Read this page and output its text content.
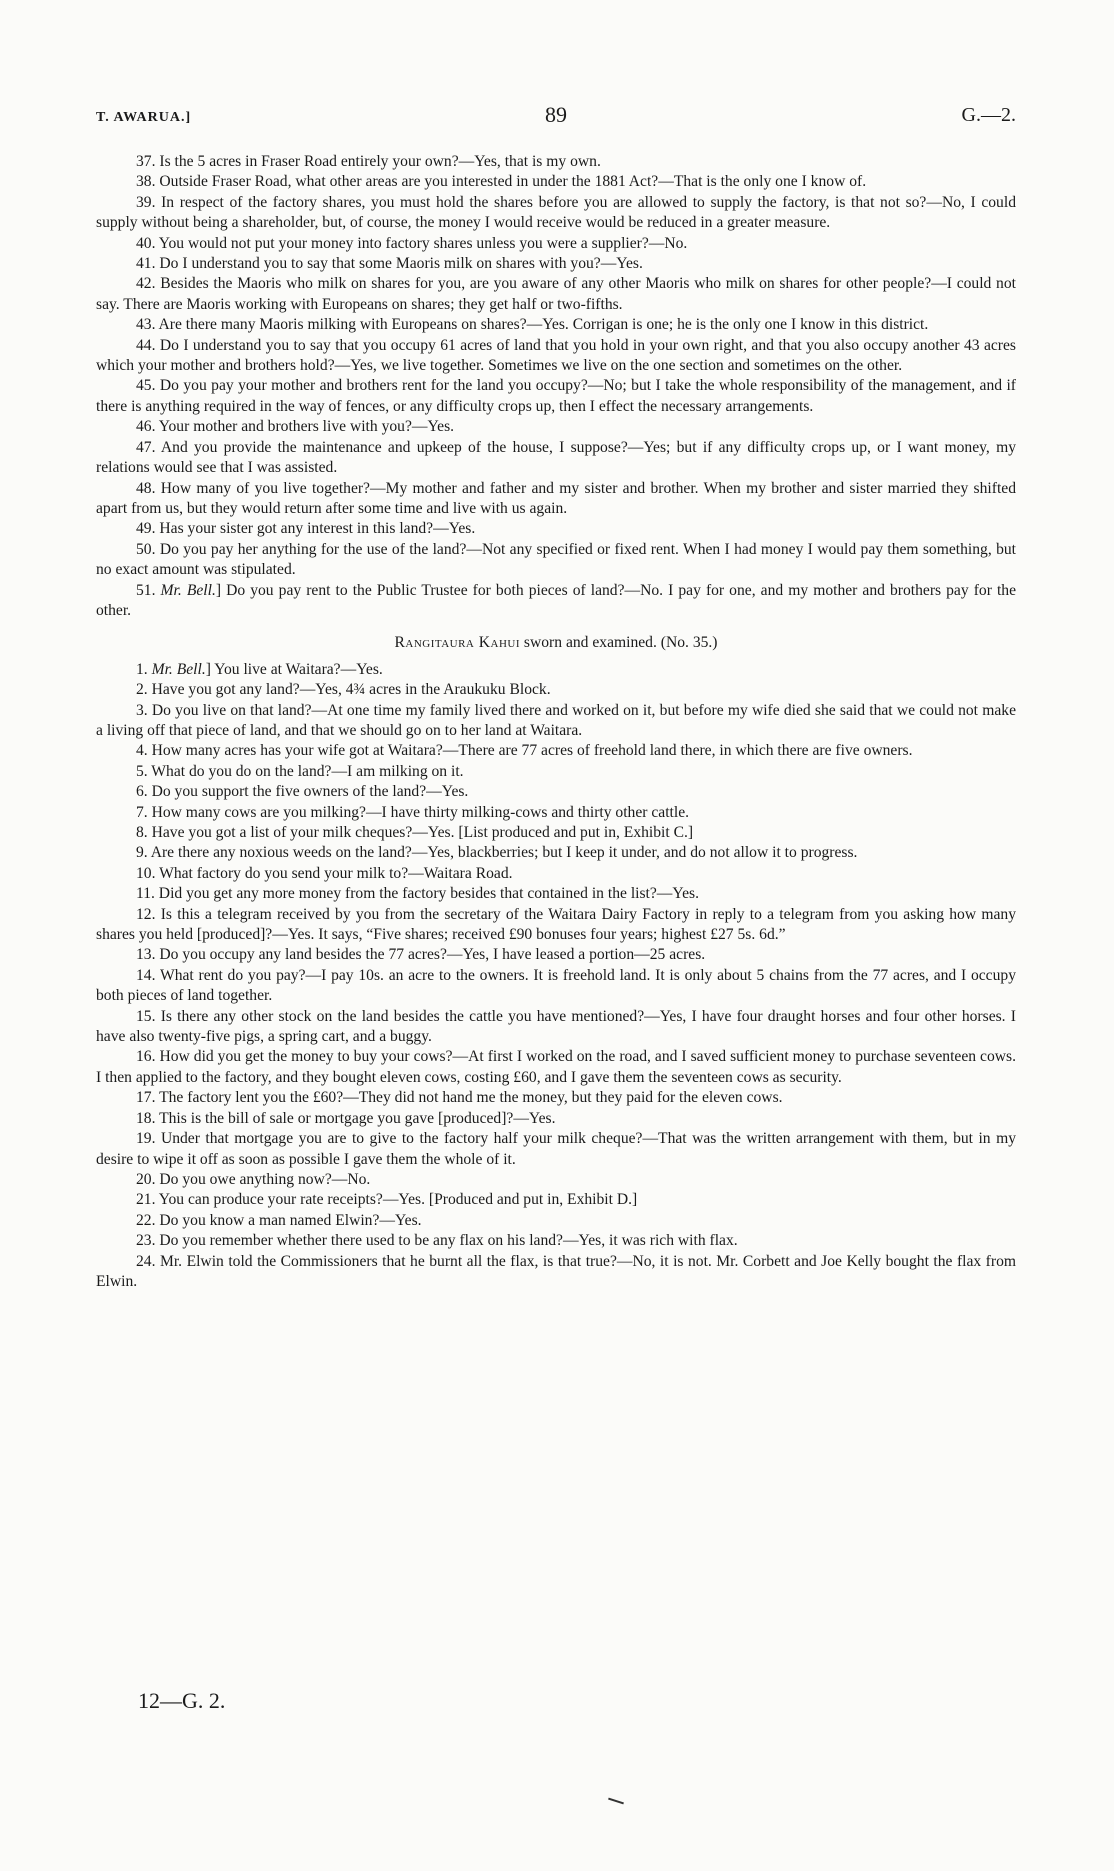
T. AWARUA.]	89	G.—2.

37. Is the 5 acres in Fraser Road entirely your own?—Yes, that is my own.

38. Outside Fraser Road, what other areas are you interested in under the 1881 Act?—That is the only one I know of.

39. In respect of the factory shares, you must hold the shares before you are allowed to supply the factory, is that not so?—No, I could supply without being a shareholder, but, of course, the money I would receive would be reduced in a greater measure.

40. You would not put your money into factory shares unless you were a supplier?—No.

41. Do I understand you to say that some Maoris milk on shares with you?—Yes.

42. Besides the Maoris who milk on shares for you, are you aware of any other Maoris who milk on shares for other people?—I could not say. There are Maoris working with Europeans on shares; they get half or two-fifths.

43. Are there many Maoris milking with Europeans on shares?—Yes. Corrigan is one; he is the only one I know in this district.

44. Do I understand you to say that you occupy 61 acres of land that you hold in your own right, and that you also occupy another 43 acres which your mother and brothers hold?—Yes, we live together. Sometimes we live on the one section and sometimes on the other.

45. Do you pay your mother and brothers rent for the land you occupy?—No; but I take the whole responsibility of the management, and if there is anything required in the way of fences, or any difficulty crops up, then I effect the necessary arrangements.

46. Your mother and brothers live with you?—Yes.

47. And you provide the maintenance and upkeep of the house, I suppose?—Yes; but if any difficulty crops up, or I want money, my relations would see that I was assisted.

48. How many of you live together?—My mother and father and my sister and brother. When my brother and sister married they shifted apart from us, but they would return after some time and live with us again.

49. Has your sister got any interest in this land?—Yes.

50. Do you pay her anything for the use of the land?—Not any specified or fixed rent. When I had money I would pay them something, but no exact amount was stipulated.

51. Mr. Bell.] Do you pay rent to the Public Trustee for both pieces of land?—No. I pay for one, and my mother and brothers pay for the other.

Rangitaura Kahui sworn and examined. (No. 35.)

1. Mr. Bell.] You live at Waitara?—Yes.

2. Have you got any land?—Yes, 4¾ acres in the Araukuku Block.

3. Do you live on that land?—At one time my family lived there and worked on it, but before my wife died she said that we could not make a living off that piece of land, and that we should go on to her land at Waitara.

4. How many acres has your wife got at Waitara?—There are 77 acres of freehold land there, in which there are five owners.

5. What do you do on the land?—I am milking on it.

6. Do you support the five owners of the land?—Yes.

7. How many cows are you milking?—I have thirty milking-cows and thirty other cattle.

8. Have you got a list of your milk cheques?—Yes. [List produced and put in, Exhibit C.]

9. Are there any noxious weeds on the land?—Yes, blackberries; but I keep it under, and do not allow it to progress.

10. What factory do you send your milk to?—Waitara Road.

11. Did you get any more money from the factory besides that contained in the list?—Yes.

12. Is this a telegram received by you from the secretary of the Waitara Dairy Factory in reply to a telegram from you asking how many shares you held [produced]?—Yes. It says, “Five shares; received £90 bonuses four years; highest £27 5s. 6d.”

13. Do you occupy any land besides the 77 acres?—Yes, I have leased a portion—25 acres.

14. What rent do you pay?—I pay 10s. an acre to the owners. It is freehold land. It is only about 5 chains from the 77 acres, and I occupy both pieces of land together.

15. Is there any other stock on the land besides the cattle you have mentioned?—Yes, I have four draught horses and four other horses. I have also twenty-five pigs, a spring cart, and a buggy.

16. How did you get the money to buy your cows?—At first I worked on the road, and I saved sufficient money to purchase seventeen cows. I then applied to the factory, and they bought eleven cows, costing £60, and I gave them the seventeen cows as security.

17. The factory lent you the £60?—They did not hand me the money, but they paid for the eleven cows.

18. This is the bill of sale or mortgage you gave [produced]?—Yes.

19. Under that mortgage you are to give to the factory half your milk cheque?—That was the written arrangement with them, but in my desire to wipe it off as soon as possible I gave them the whole of it.

20. Do you owe anything now?—No.

21. You can produce your rate receipts?—Yes. [Produced and put in, Exhibit D.]

22. Do you know a man named Elwin?—Yes.

23. Do you remember whether there used to be any flax on his land?—Yes, it was rich with flax.

24. Mr. Elwin told the Commissioners that he burnt all the flax, is that true?—No, it is not. Mr. Corbett and Joe Kelly bought the flax from Elwin.

12—G. 2.
